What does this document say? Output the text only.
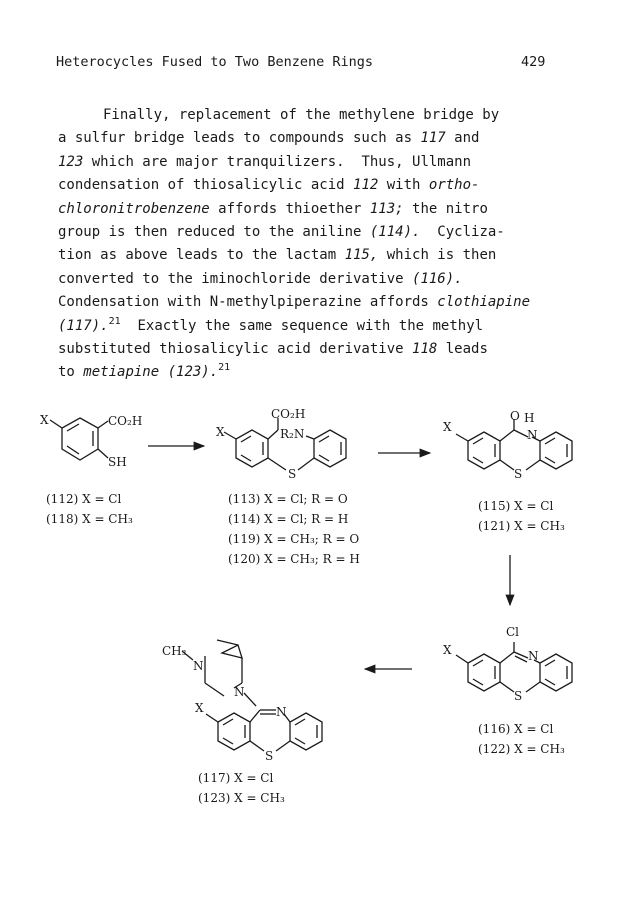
Heterocycles Fused to Two Benzene Rings	429
Finally, replacement of the methylene bridge by
a sulfur bridge leads to compounds such as 117 and
123 which are major tranquilizers.  Thus, Ullmann
condensation of thiosalicylic acid 112 with ortho-
chloronitrobenzene affords thioether 113; the nitro
group is then reduced to the aniline (114).  Cycliza-
tion as above leads to the lactam 115, which is then
converted to the iminochloride derivative (116).
Condensation with N-methylpiperazine affords clothiapine
(117).$^{21}$  Exactly the same sequence with the methyl
substituted thiosalicylic acid derivative 118 leads
to metiapine (123).$^{21}$
X	CO₂H
SH
(112) X = Cl
(118) X = CH₃
X
CO₂H
R₂N
S
(113) X = Cl; R = O
(114) X = Cl; R = H
(119) X = CH₃; R = O
(120) X = CH₃; R = H
X
O H
N
S
(115) X = Cl
(121) X = CH₃
Cl
X	N
S
(116) X = Cl
(122) X = CH₃
CH₃
N
N
X	N
S
(117) X = Cl
(123) X = CH₃
